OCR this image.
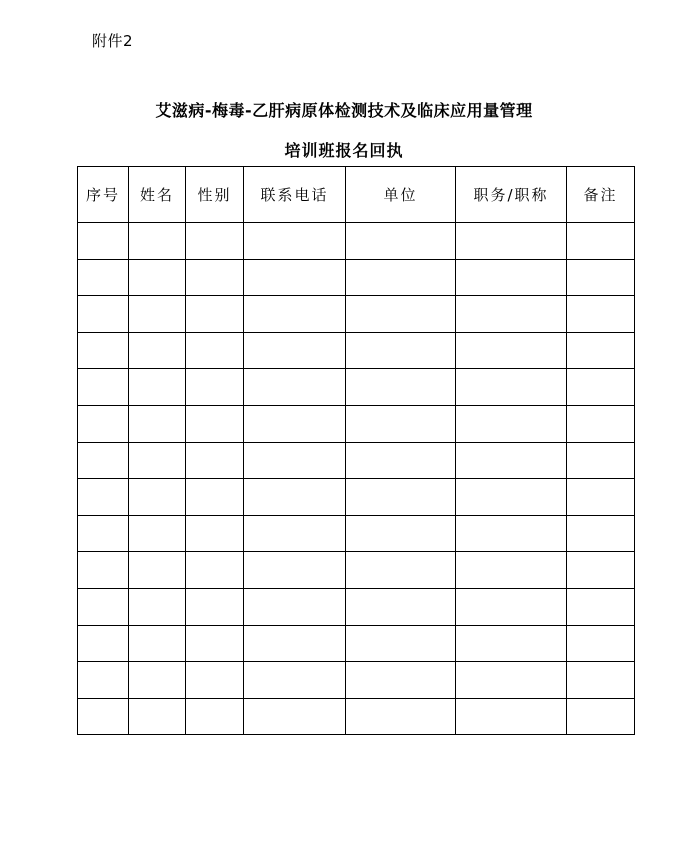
附件2
艾滋病-梅毒-乙肝病原体检测技术及临床应用量管理
培训班报名回执
序号	姓名	性别	联系电话	单位	职务/职称	备注
